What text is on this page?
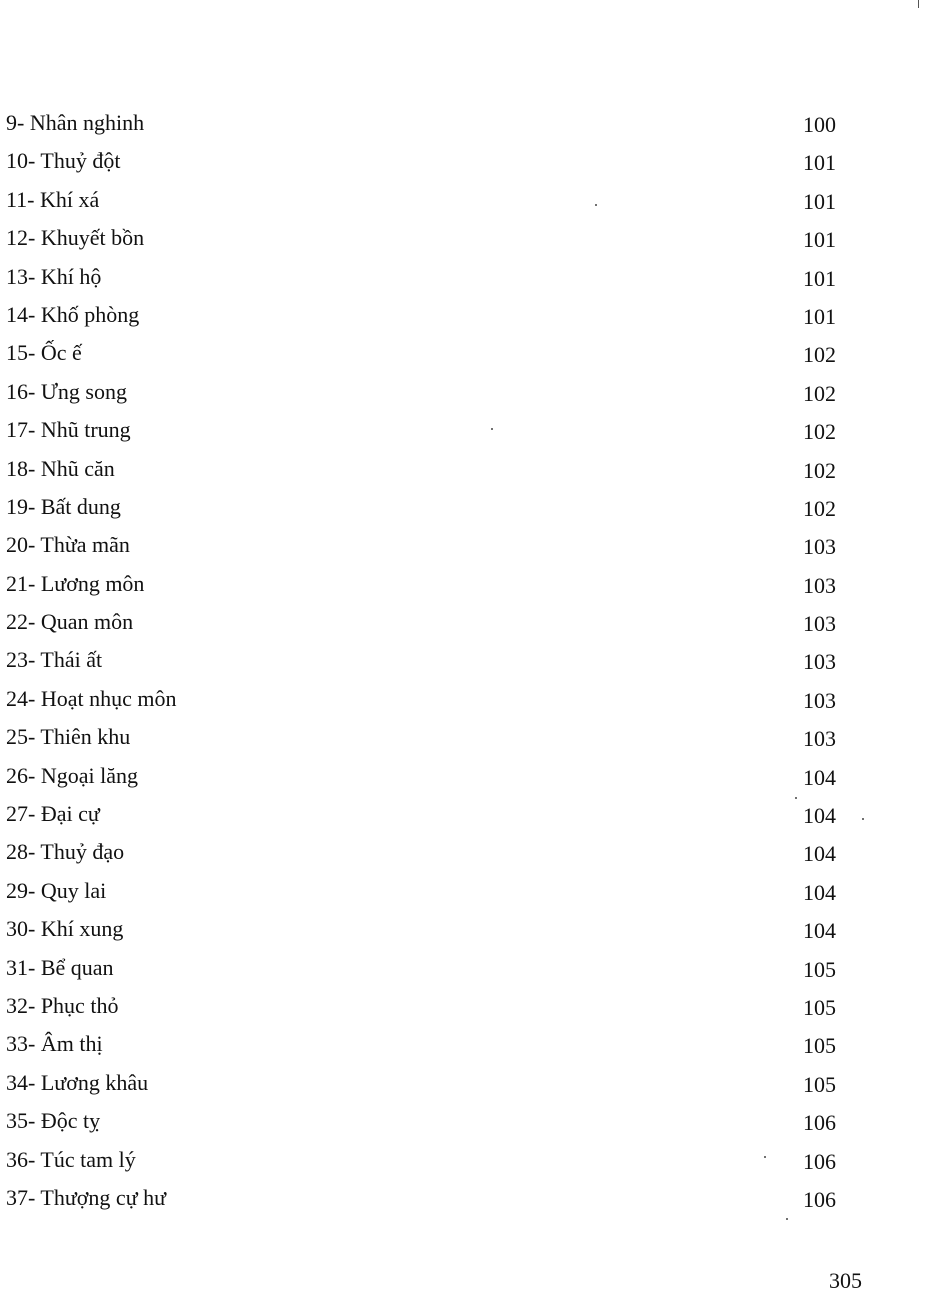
9- Nhân nghinh	100
10- Thuỷ đột	101
11- Khí xá	101
12- Khuyết bồn	101
13- Khí hộ	101
14- Khố phòng	101
15- Ốc ế	102
16- Ưng song	102
17- Nhũ trung	102
18- Nhũ căn	102
19- Bất dung	102
20- Thừa mãn	103
21- Lương môn	103
22- Quan môn	103
23- Thái ất	103
24- Hoạt nhục môn	103
25- Thiên khu	103
26- Ngoại lăng	104
27- Đại cự	104
28- Thuỷ đạo	104
29- Quy lai	104
30- Khí xung	104
31- Bể quan	105
32- Phục thỏ	105
33- Âm thị	105
34- Lương khâu	105
35- Độc tỵ	106
36- Túc tam lý	106
37- Thượng cự hư	106
305
